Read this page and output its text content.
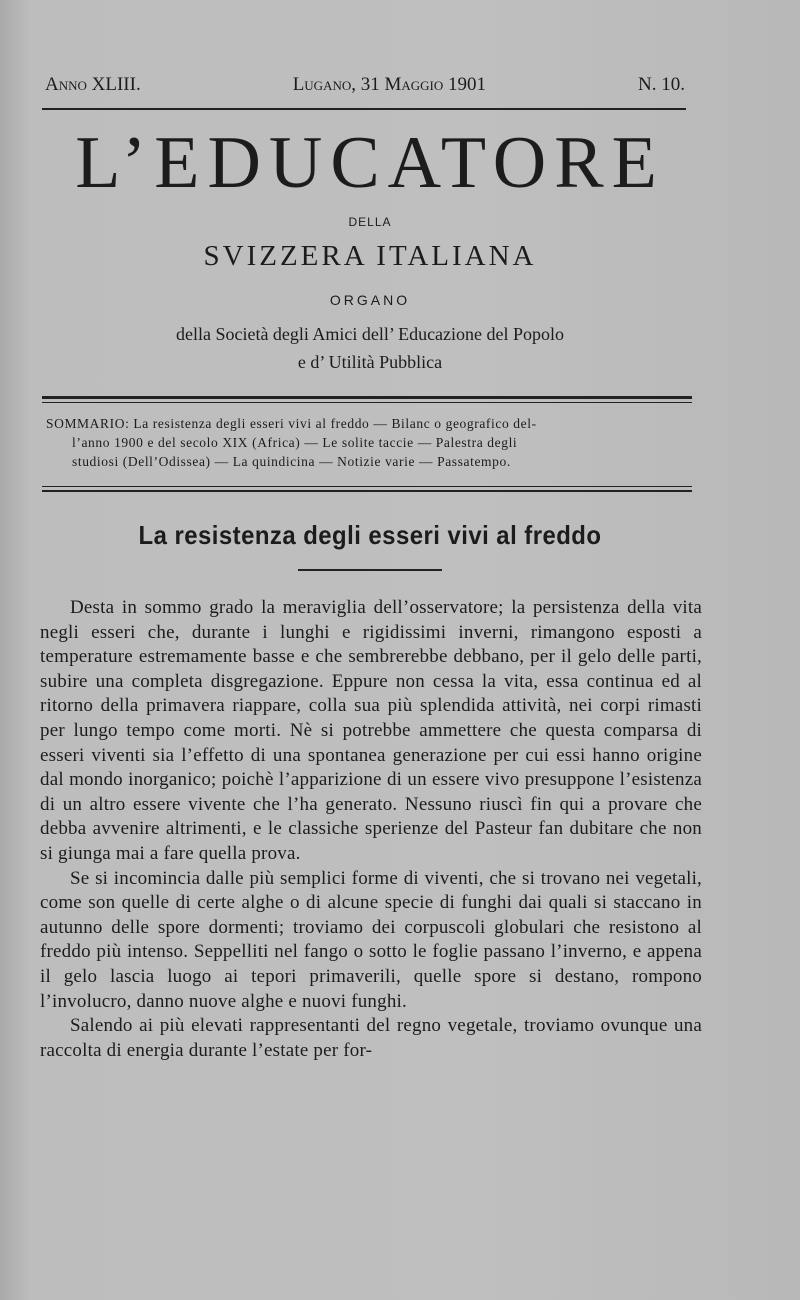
Anno XLIII.	Lugano, 31 Maggio 1901	N. 10.
L’EDUCATORE
DELLA
SVIZZERA ITALIANA
ORGANO
della Società degli Amici dell’ Educazione del Popolo
e d’ Utilità Pubblica
SOMMARIO: La resistenza degli esseri vivi al freddo — Bilanc o geografico del-
l’anno 1900 e del secolo XIX (Africa) — Le solite taccie — Palestra degli
studiosi (Dell’Odissea) — La quindicina — Notizie varie — Passatempo.
La resistenza degli esseri vivi al freddo

Desta in sommo grado la meraviglia dell’osservatore; la persistenza della vita negli esseri che, durante i lunghi e rigidissimi inverni, rimangono esposti a temperature estremamente basse e che sembrerebbe debbano, per il gelo delle parti, subire una completa disgregazione. Eppure non cessa la vita, essa continua ed al ritorno della primavera riappare, colla sua più splendida attività, nei corpi rimasti per lungo tempo come morti. Nè si potrebbe ammettere che questa comparsa di esseri viventi sia l’effetto di una spontanea generazione per cui essi hanno origine dal mondo inorganico; poichè l’apparizione di un essere vivo presuppone l’esistenza di un altro essere vivente che l’ha generato. Nessuno riuscì fin qui a provare che debba avvenire altrimenti, e le classiche sperienze del Pasteur fan dubitare che non si giunga mai a fare quella prova.

Se si incomincia dalle più semplici forme di viventi, che si trovano nei vegetali, come son quelle di certe alghe o di alcune specie di funghi dai quali si staccano in autunno delle spore dormenti; troviamo dei corpuscoli globulari che resistono al freddo più intenso. Seppelliti nel fango o sotto le foglie passano l’inverno, e appena il gelo lascia luogo ai tepori primaverili, quelle spore si destano, rompono l’involucro, danno nuove alghe e nuovi funghi.

Salendo ai più elevati rappresentanti del regno vegetale, troviamo ovunque una raccolta di energia durante l’estate per for-
